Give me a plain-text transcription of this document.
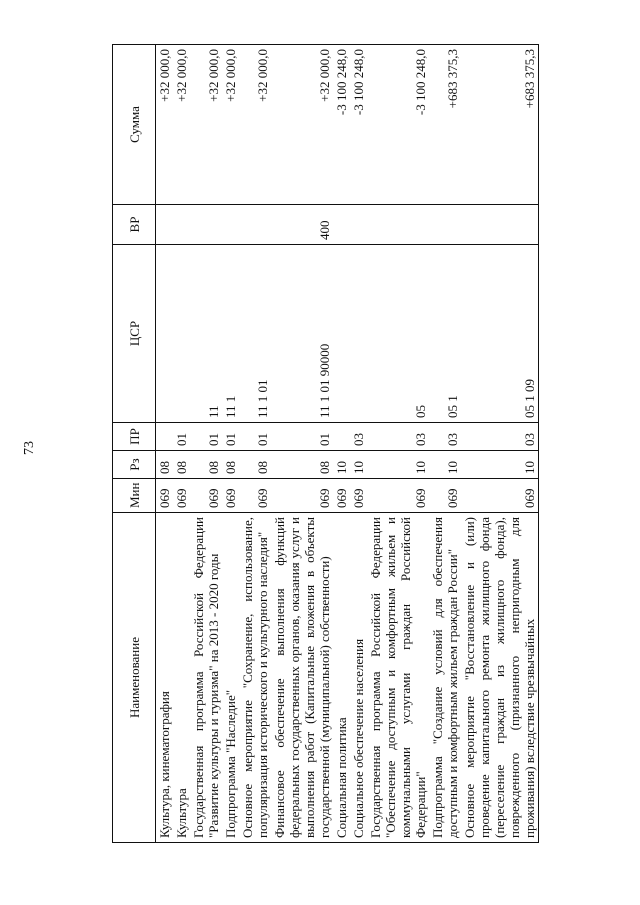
73
Наименование	Мин	Рз	ПР	ЦСР	ВР	Сумма
Культура, кинематография	069	08				+32 000,0
Культура	069	08	01			+32 000,0
Государственная программа Российской Федерации "Развитие культуры и туризма" на 2013 - 2020 годы	069	08	01	11		+32 000,0
Подпрограмма "Наследие"	069	08	01	11 1		+32 000,0
Основное мероприятие "Сохранение, использование, популяризация исторического и культурного наследия"	069	08	01	11 1 01		+32 000,0
Финансовое обеспечение выполнения функций федеральных государственных органов, оказания услуг и выполнения работ (Капитальные вложения в объекты государственной (муниципальной) собственности)	069	08	01	11 1 01 90000	400	+32 000,0
Социальная политика	069	10				-3 100 248,0
Социальное обеспечение населения	069	10	03			-3 100 248,0
Государственная программа Российской Федерации "Обеспечение доступным и комфортным жильем и коммунальными услугами граждан Российской Федерации"	069	10	03	05		-3 100 248,0
Подпрограмма "Создание условий для обеспечения доступным и комфортным жильем граждан России"	069	10	03	05 1		+683 375,3
Основное мероприятие "Восстановление и (или) проведение капитального ремонта жилищного фонда (переселение граждан из жилищного фонда), поврежденного (признанного непригодным для проживания) вследствие чрезвычайных	069	10	03	05 1 09		+683 375,3
